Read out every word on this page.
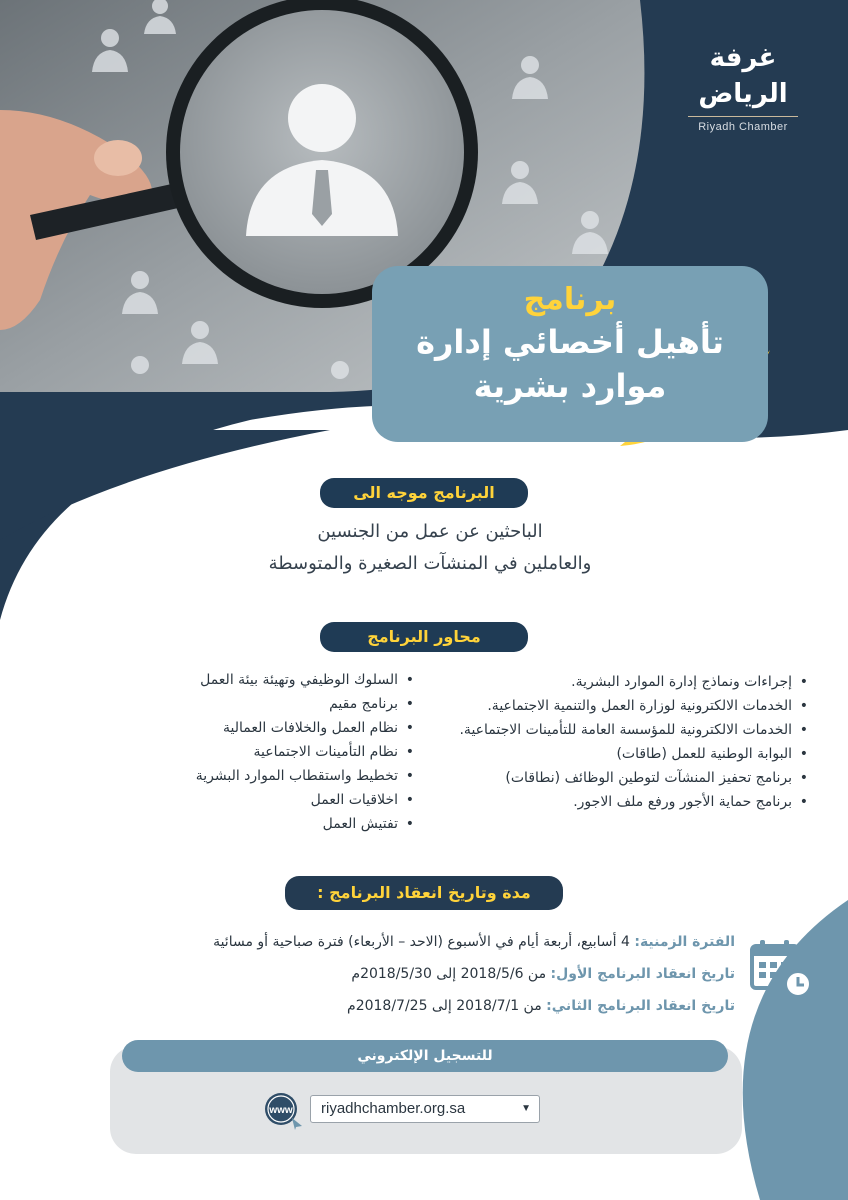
غرفة الرياض
Riyadh Chamber
برنامج
تأهيل أخصائي إدارة
موارد بشرية
البرنامج موجه الى
الباحثين عن عمل من الجنسين
والعاملين في المنشآت الصغيرة والمتوسطة
محاور البرنامج
• إجراءات ونماذج إدارة الموارد البشرية.
• الخدمات الالكترونية لوزارة العمل والتنمية الاجتماعية.
• الخدمات الالكترونية للمؤسسة العامة للتأمينات الاجتماعية.
• البوابة الوطنية للعمل (طاقات)
• برنامج تحفيز المنشآت لتوطين الوظائف (نطاقات)
• برنامج حماية الأجور ورفع ملف الاجور.
• السلوك الوظيفي وتهيئة بيئة العمل
• برنامج مقيم
• نظام العمل والخلافات العمالية
• نظام التأمينات الاجتماعية
• تخطيط واستقطاب الموارد البشرية
• اخلاقيات العمل
• تفتيش العمل
مدة وتاريخ انعقاد البرنامج :
الفترة الزمنية: 4 أسابيع، أربعة أيام في الأسبوع (الاحد – الأربعاء) فترة صباحية أو مسائية
تاريخ انعقاد البرنامج الأول: من 2018/5/6 إلى 2018/5/30م
تاريخ انعقاد البرنامج الثاني: من 2018/7/1 إلى 2018/7/25م
للتسجيل الإلكتروني
www riyadhchamber.org.sa	▼
